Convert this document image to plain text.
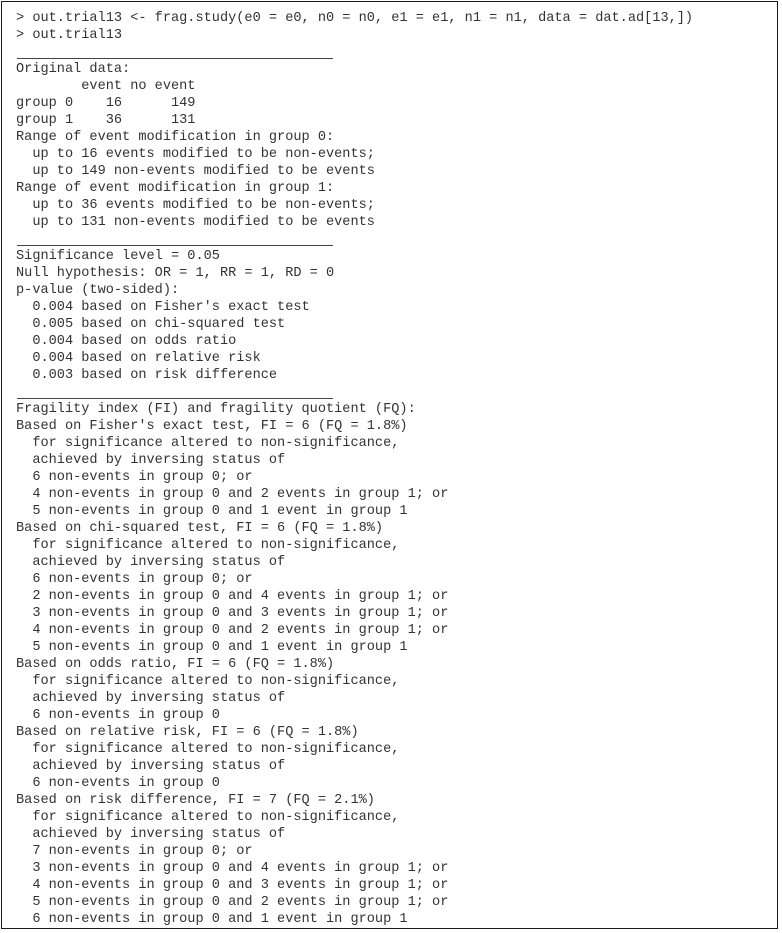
> out.trial13 <- frag.study(e0 = e0, n0 = n0, e1 = e1, n1 = n1, data = dat.ad[13,])
> out.trial13
Original data:
event no event
group 0    16      149
group 1    36      131
Range of event modification in group 0:
up to 16 events modified to be non-events;
up to 149 non-events modified to be events
Range of event modification in group 1:
up to 36 events modified to be non-events;
up to 131 non-events modified to be events
Significance level = 0.05
Null hypothesis: OR = 1, RR = 1, RD = 0
p-value (two-sided):
0.004 based on Fisher's exact test
0.005 based on chi-squared test
0.004 based on odds ratio
0.004 based on relative risk
0.003 based on risk difference
Fragility index (FI) and fragility quotient (FQ):
Based on Fisher's exact test, FI = 6 (FQ = 1.8%)
for significance altered to non-significance,
achieved by inversing status of
6 non-events in group 0; or
4 non-events in group 0 and 2 events in group 1; or
5 non-events in group 0 and 1 event in group 1
Based on chi-squared test, FI = 6 (FQ = 1.8%)
for significance altered to non-significance,
achieved by inversing status of
6 non-events in group 0; or
2 non-events in group 0 and 4 events in group 1; or
3 non-events in group 0 and 3 events in group 1; or
4 non-events in group 0 and 2 events in group 1; or
5 non-events in group 0 and 1 event in group 1
Based on odds ratio, FI = 6 (FQ = 1.8%)
for significance altered to non-significance,
achieved by inversing status of
6 non-events in group 0
Based on relative risk, FI = 6 (FQ = 1.8%)
for significance altered to non-significance,
achieved by inversing status of
6 non-events in group 0
Based on risk difference, FI = 7 (FQ = 2.1%)
for significance altered to non-significance,
achieved by inversing status of
7 non-events in group 0; or
3 non-events in group 0 and 4 events in group 1; or
4 non-events in group 0 and 3 events in group 1; or
5 non-events in group 0 and 2 events in group 1; or
6 non-events in group 0 and 1 event in group 1
